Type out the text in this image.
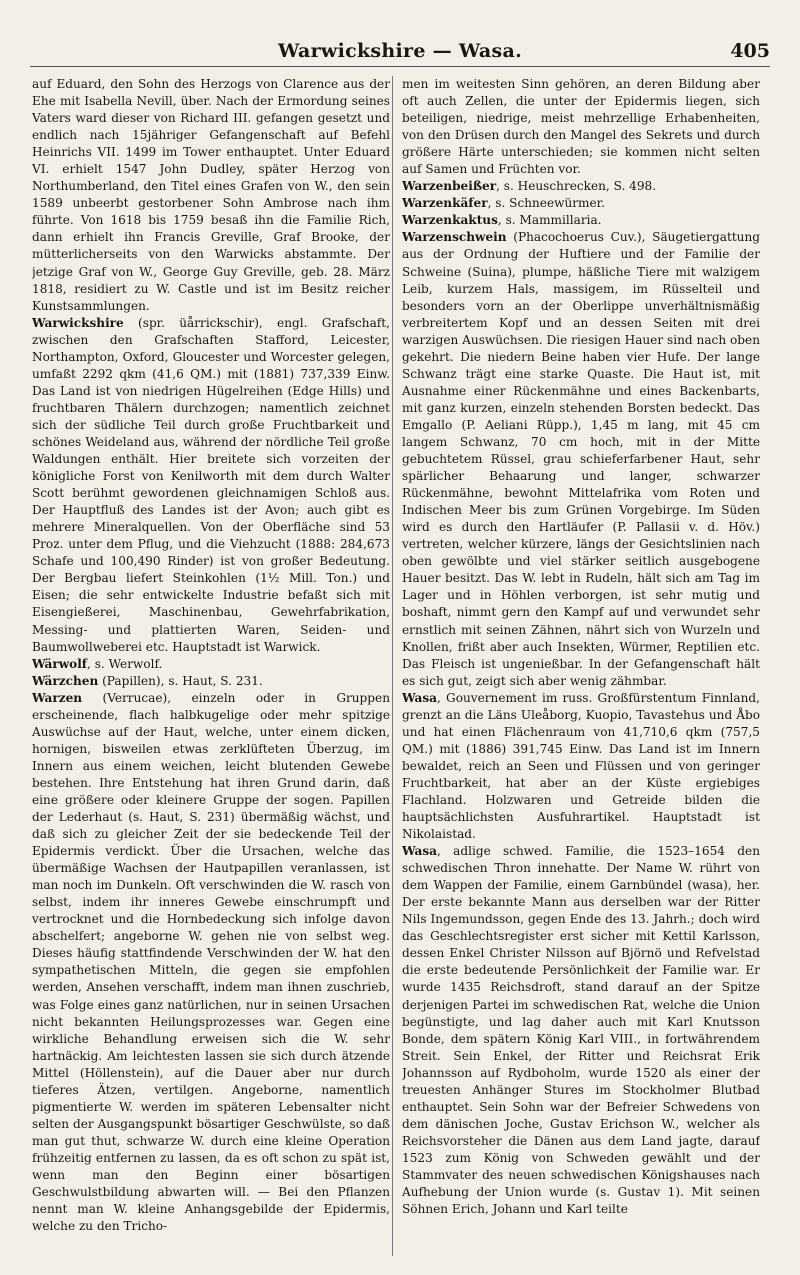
Warwickshire — Wasa.	405

auf Eduard, den Sohn des Herzogs von Clarence aus der Ehe mit Isabella Nevill, über. Nach der Ermordung seines Vaters ward dieser von Richard III. gefangen gesetzt und endlich nach 15jähriger Gefangenschaft auf Befehl Heinrichs VII. 1499 im Tower enthauptet. Unter Eduard VI. erhielt 1547 John Dudley, später Herzog von Northumberland, den Titel eines Grafen von W., den sein 1589 unbeerbt gestorbener Sohn Ambrose nach ihm führte. Von 1618 bis 1759 besaß ihn die Familie Rich, dann erhielt ihn Francis Greville, Graf Brooke, der mütterlicherseits von den Warwicks abstammte. Der jetzige Graf von W., George Guy Greville, geb. 28. März 1818, residiert zu W. Castle und ist im Besitz reicher Kunstsammlungen.

Warwickshire (spr. üårrickschir), engl. Grafschaft, zwischen den Grafschaften Stafford, Leicester, Northampton, Oxford, Gloucester und Worcester gelegen, umfaßt 2292 qkm (41,6 QM.) mit (1881) 737,339 Einw. Das Land ist von niedrigen Hügelreihen (Edge Hills) und fruchtbaren Thälern durchzogen; namentlich zeichnet sich der südliche Teil durch große Fruchtbarkeit und schönes Weideland aus, während der nördliche Teil große Waldungen enthält. Hier breitete sich vorzeiten der königliche Forst von Kenilworth mit dem durch Walter Scott berühmt gewordenen gleichnamigen Schloß aus. Der Hauptfluß des Landes ist der Avon; auch gibt es mehrere Mineralquellen. Von der Oberfläche sind 53 Proz. unter dem Pflug, und die Viehzucht (1888: 284,673 Schafe und 100,490 Rinder) ist von großer Bedeutung. Der Bergbau liefert Steinkohlen (1½ Mill. Ton.) und Eisen; die sehr entwickelte Industrie befaßt sich mit Eisengießerei, Maschinenbau, Gewehrfabrikation, Messing- und plattierten Waren, Seiden- und Baumwollweberei etc. Hauptstadt ist Warwick.

Wärwolf, s. Werwolf.

Wärzchen (Papillen), s. Haut, S. 231.

Warzen (Verrucae), einzeln oder in Gruppen erscheinende, flach halbkugelige oder mehr spitzige Auswüchse auf der Haut, welche, unter einem dicken, hornigen, bisweilen etwas zerklüfteten Überzug, im Innern aus einem weichen, leicht blutenden Gewebe bestehen. Ihre Entstehung hat ihren Grund darin, daß eine größere oder kleinere Gruppe der sogen. Papillen der Lederhaut (s. Haut, S. 231) übermäßig wächst, und daß sich zu gleicher Zeit der sie bedeckende Teil der Epidermis verdickt. Über die Ursachen, welche das übermäßige Wachsen der Hautpapillen veranlassen, ist man noch im Dunkeln. Oft verschwinden die W. rasch von selbst, indem ihr inneres Gewebe einschrumpft und vertrocknet und die Hornbedeckung sich infolge davon abschelfert; angeborne W. gehen nie von selbst weg. Dieses häufig stattfindende Verschwinden der W. hat den sympathetischen Mitteln, die gegen sie empfohlen werden, Ansehen verschafft, indem man ihnen zuschrieb, was Folge eines ganz natürlichen, nur in seinen Ursachen nicht bekannten Heilungsprozesses war. Gegen eine wirkliche Behandlung erweisen sich die W. sehr hartnäckig. Am leichtesten lassen sie sich durch ätzende Mittel (Höllenstein), auf die Dauer aber nur durch tieferes Ätzen, vertilgen. Angeborne, namentlich pigmentierte W. werden im späteren Lebensalter nicht selten der Ausgangspunkt bösartiger Geschwülste, so daß man gut thut, schwarze W. durch eine kleine Operation frühzeitig entfernen zu lassen, da es oft schon zu spät ist, wenn man den Beginn einer bösartigen Geschwulstbildung abwarten will. — Bei den Pflanzen nennt man W. kleine Anhangsgebilde der Epidermis, welche zu den Tricho-

men im weitesten Sinn gehören, an deren Bildung aber oft auch Zellen, die unter der Epidermis liegen, sich beteiligen, niedrige, meist mehrzellige Erhabenheiten, von den Drüsen durch den Mangel des Sekrets und durch größere Härte unterschieden; sie kommen nicht selten auf Samen und Früchten vor.

Warzenbeißer, s. Heuschrecken, S. 498.

Warzenkäfer, s. Schneewürmer.

Warzenkaktus, s. Mammillaria.

Warzenschwein (Phacochoerus Cuv.), Säugetiergattung aus der Ordnung der Huftiere und der Familie der Schweine (Suina), plumpe, häßliche Tiere mit walzigem Leib, kurzem Hals, massigem, im Rüsselteil und besonders vorn an der Oberlippe unverhältnismäßig verbreitertem Kopf und an dessen Seiten mit drei warzigen Auswüchsen. Die riesigen Hauer sind nach oben gekehrt. Die niedern Beine haben vier Hufe. Der lange Schwanz trägt eine starke Quaste. Die Haut ist, mit Ausnahme einer Rückenmähne und eines Backenbarts, mit ganz kurzen, einzeln stehenden Borsten bedeckt. Das Emgallo (P. Aeliani Rüpp.), 1,45 m lang, mit 45 cm langem Schwanz, 70 cm hoch, mit in der Mitte gebuchtetem Rüssel, grau schieferfarbener Haut, sehr spärlicher Behaarung und langer, schwarzer Rückenmähne, bewohnt Mittelafrika vom Roten und Indischen Meer bis zum Grünen Vorgebirge. Im Süden wird es durch den Hartläufer (P. Pallasii v. d. Höv.) vertreten, welcher kürzere, längs der Gesichtslinien nach oben gewölbte und viel stärker seitlich ausgebogene Hauer besitzt. Das W. lebt in Rudeln, hält sich am Tag im Lager und in Höhlen verborgen, ist sehr mutig und boshaft, nimmt gern den Kampf auf und verwundet sehr ernstlich mit seinen Zähnen, nährt sich von Wurzeln und Knollen, frißt aber auch Insekten, Würmer, Reptilien etc. Das Fleisch ist ungenießbar. In der Gefangenschaft hält es sich gut, zeigt sich aber wenig zähmbar.

Wasa, Gouvernement im russ. Großfürstentum Finnland, grenzt an die Läns Uleåborg, Kuopio, Tavastehus und Åbo und hat einen Flächenraum von 41,710,6 qkm (757,5 QM.) mit (1886) 391,745 Einw. Das Land ist im Innern bewaldet, reich an Seen und Flüssen und von geringer Fruchtbarkeit, hat aber an der Küste ergiebiges Flachland. Holzwaren und Getreide bilden die hauptsächlichsten Ausfuhrartikel. Hauptstadt ist Nikolaistad.

Wasa, adlige schwed. Familie, die 1523–1654 den schwedischen Thron innehatte. Der Name W. rührt von dem Wappen der Familie, einem Garnbündel (wasa), her. Der erste bekannte Mann aus derselben war der Ritter Nils Ingemundsson, gegen Ende des 13. Jahrh.; doch wird das Geschlechtsregister erst sicher mit Kettil Karlsson, dessen Enkel Christer Nilsson auf Björnö und Refvelstad die erste bedeutende Persönlichkeit der Familie war. Er wurde 1435 Reichsdroft, stand darauf an der Spitze derjenigen Partei im schwedischen Rat, welche die Union begünstigte, und lag daher auch mit Karl Knutsson Bonde, dem spätern König Karl VIII., in fortwährendem Streit. Sein Enkel, der Ritter und Reichsrat Erik Johannsson auf Rydboholm, wurde 1520 als einer der treuesten Anhänger Stures im Stockholmer Blutbad enthauptet. Sein Sohn war der Befreier Schwedens von dem dänischen Joche, Gustav Erichson W., welcher als Reichsvorsteher die Dänen aus dem Land jagte, darauf 1523 zum König von Schweden gewählt und der Stammvater des neuen schwedischen Königshauses nach Aufhebung der Union wurde (s. Gustav 1). Mit seinen Söhnen Erich, Johann und Karl teilte
